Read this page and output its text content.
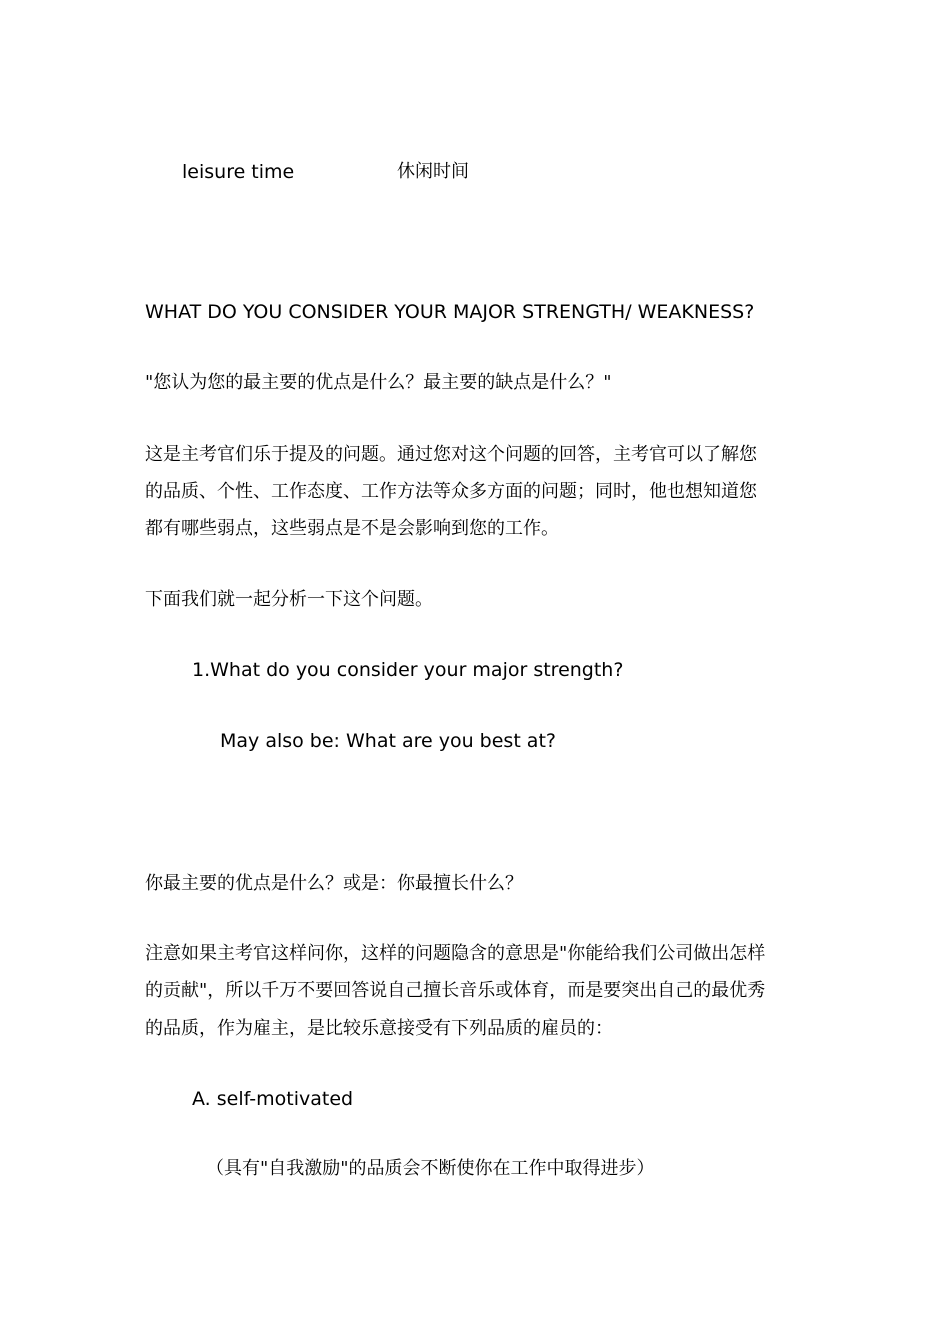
leisure time	休闲时间
WHAT DO YOU CONSIDER YOUR MAJOR STRENGTH/ WEAKNESS?
"您认为您的最主要的优点是什么？最主要的缺点是什么？"
这是主考官们乐于提及的问题。通过您对这个问题的回答，主考官可以了解您
的品质、个性、工作态度、工作方法等众多方面的问题；同时，他也想知道您
都有哪些弱点，这些弱点是不是会影响到您的工作。
下面我们就一起分析一下这个问题。
1.What do you consider your major strength?
May also be: What are you best at?
你最主要的优点是什么？或是：你最擅长什么？
注意如果主考官这样问你，这样的问题隐含的意思是"你能给我们公司做出怎样
的贡献"，所以千万不要回答说自己擅长音乐或体育，而是要突出自己的最优秀
的品质，作为雇主，是比较乐意接受有下列品质的雇员的：
A. self-motivated
（具有"自我激励"的品质会不断使你在工作中取得进步）
